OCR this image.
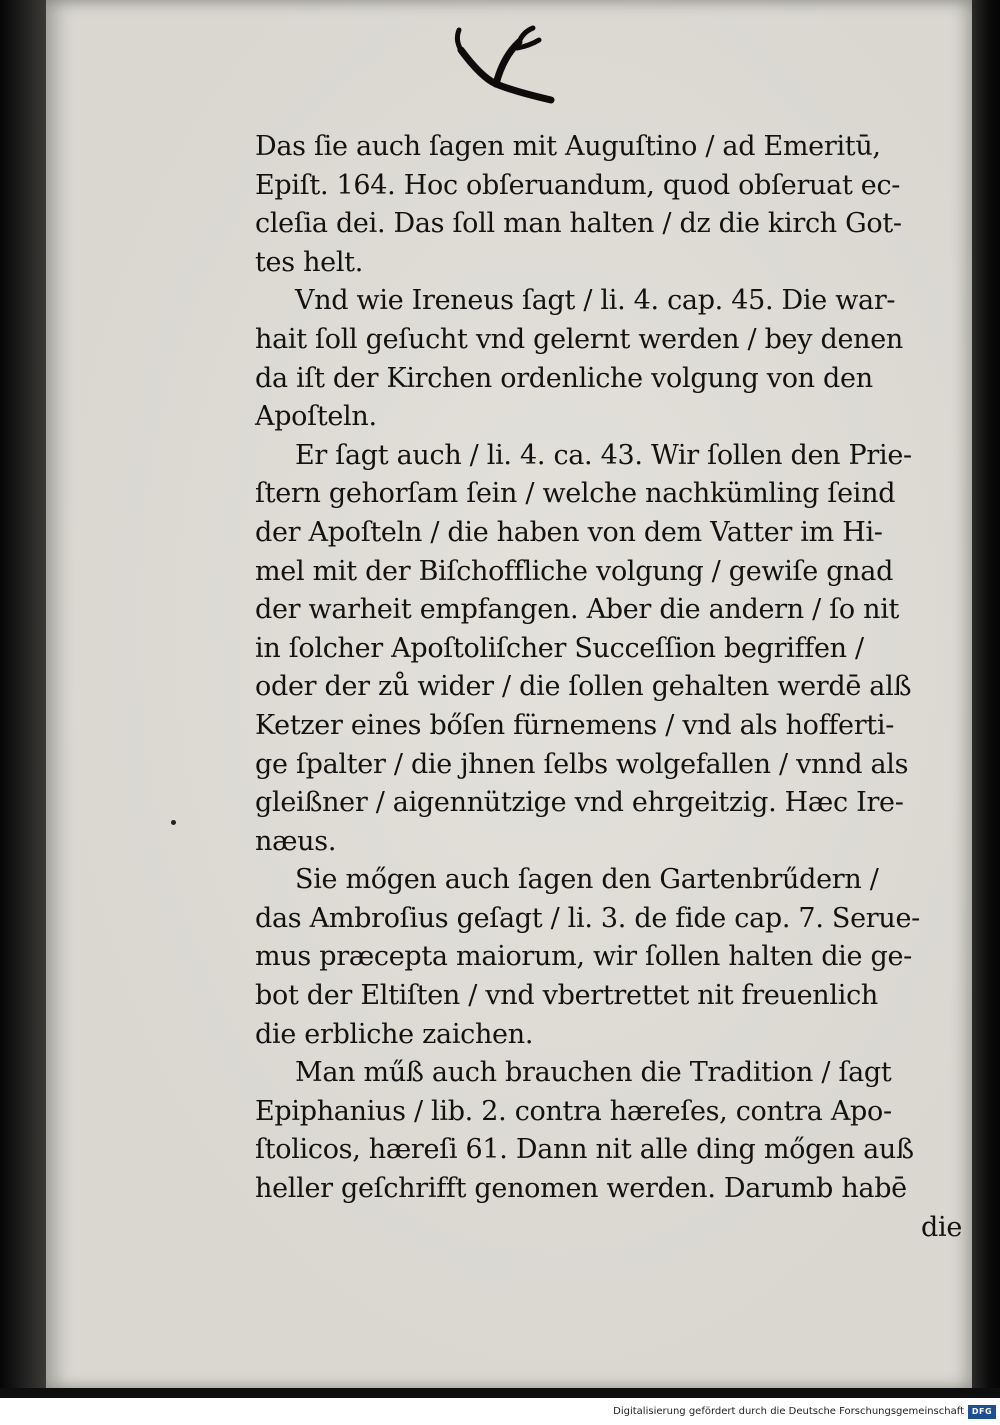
Das ſie auch ſagen mit Auguſtino / ad Emeritū,
Epiſt. 164. Hoc obſeruandum, quod obſeruat ec-
cleſia dei. Das ſoll man halten / dz die kirch Got-
tes helt.
Vnd wie Ireneus ſagt / li. 4. cap. 45. Die war-
hait ſoll geſucht vnd gelernt werden / bey denen
da iſt der Kirchen ordenliche volgung von den
Apoſteln.
Er ſagt auch / li. 4. ca. 43. Wir ſollen den Prie-
ſtern gehorſam ſein / welche nachkümling ſeind
der Apoſteln / die haben von dem Vatter im Hi-
mel mit der Biſchoffliche volgung / gewiſe gnad
der warheit empfangen. Aber die andern / ſo nit
in ſolcher Apoſtoliſcher Succeſſion begriffen /
oder der zů wider / die ſollen gehalten werdē alß
Ketzer eines bőſen fürnemens / vnd als hofferti-
ge ſpalter / die jhnen ſelbs wolgefallen / vnnd als
gleißner / aigennützige vnd ehrgeitzig. Hæc Ire-
næus.
Sie mőgen auch ſagen den Gartenbrűdern /
das Ambroſius geſagt / li. 3. de fide cap. 7. Serue-
mus præcepta maiorum, wir ſollen halten die ge-
bot der Eltiſten / vnd vbertrettet nit freuenlich
die erbliche zaichen.
Man műß auch brauchen die Tradition / ſagt
Epiphanius / lib. 2. contra hæreſes, contra Apo-
ſtolicos, hæreſi 61. Dann nit alle ding mőgen auß
heller geſchrifft genomen werden. Darumb habē
die
Digitalisierung gefördert durch die Deutsche Forschungsgemeinschaft DFG
